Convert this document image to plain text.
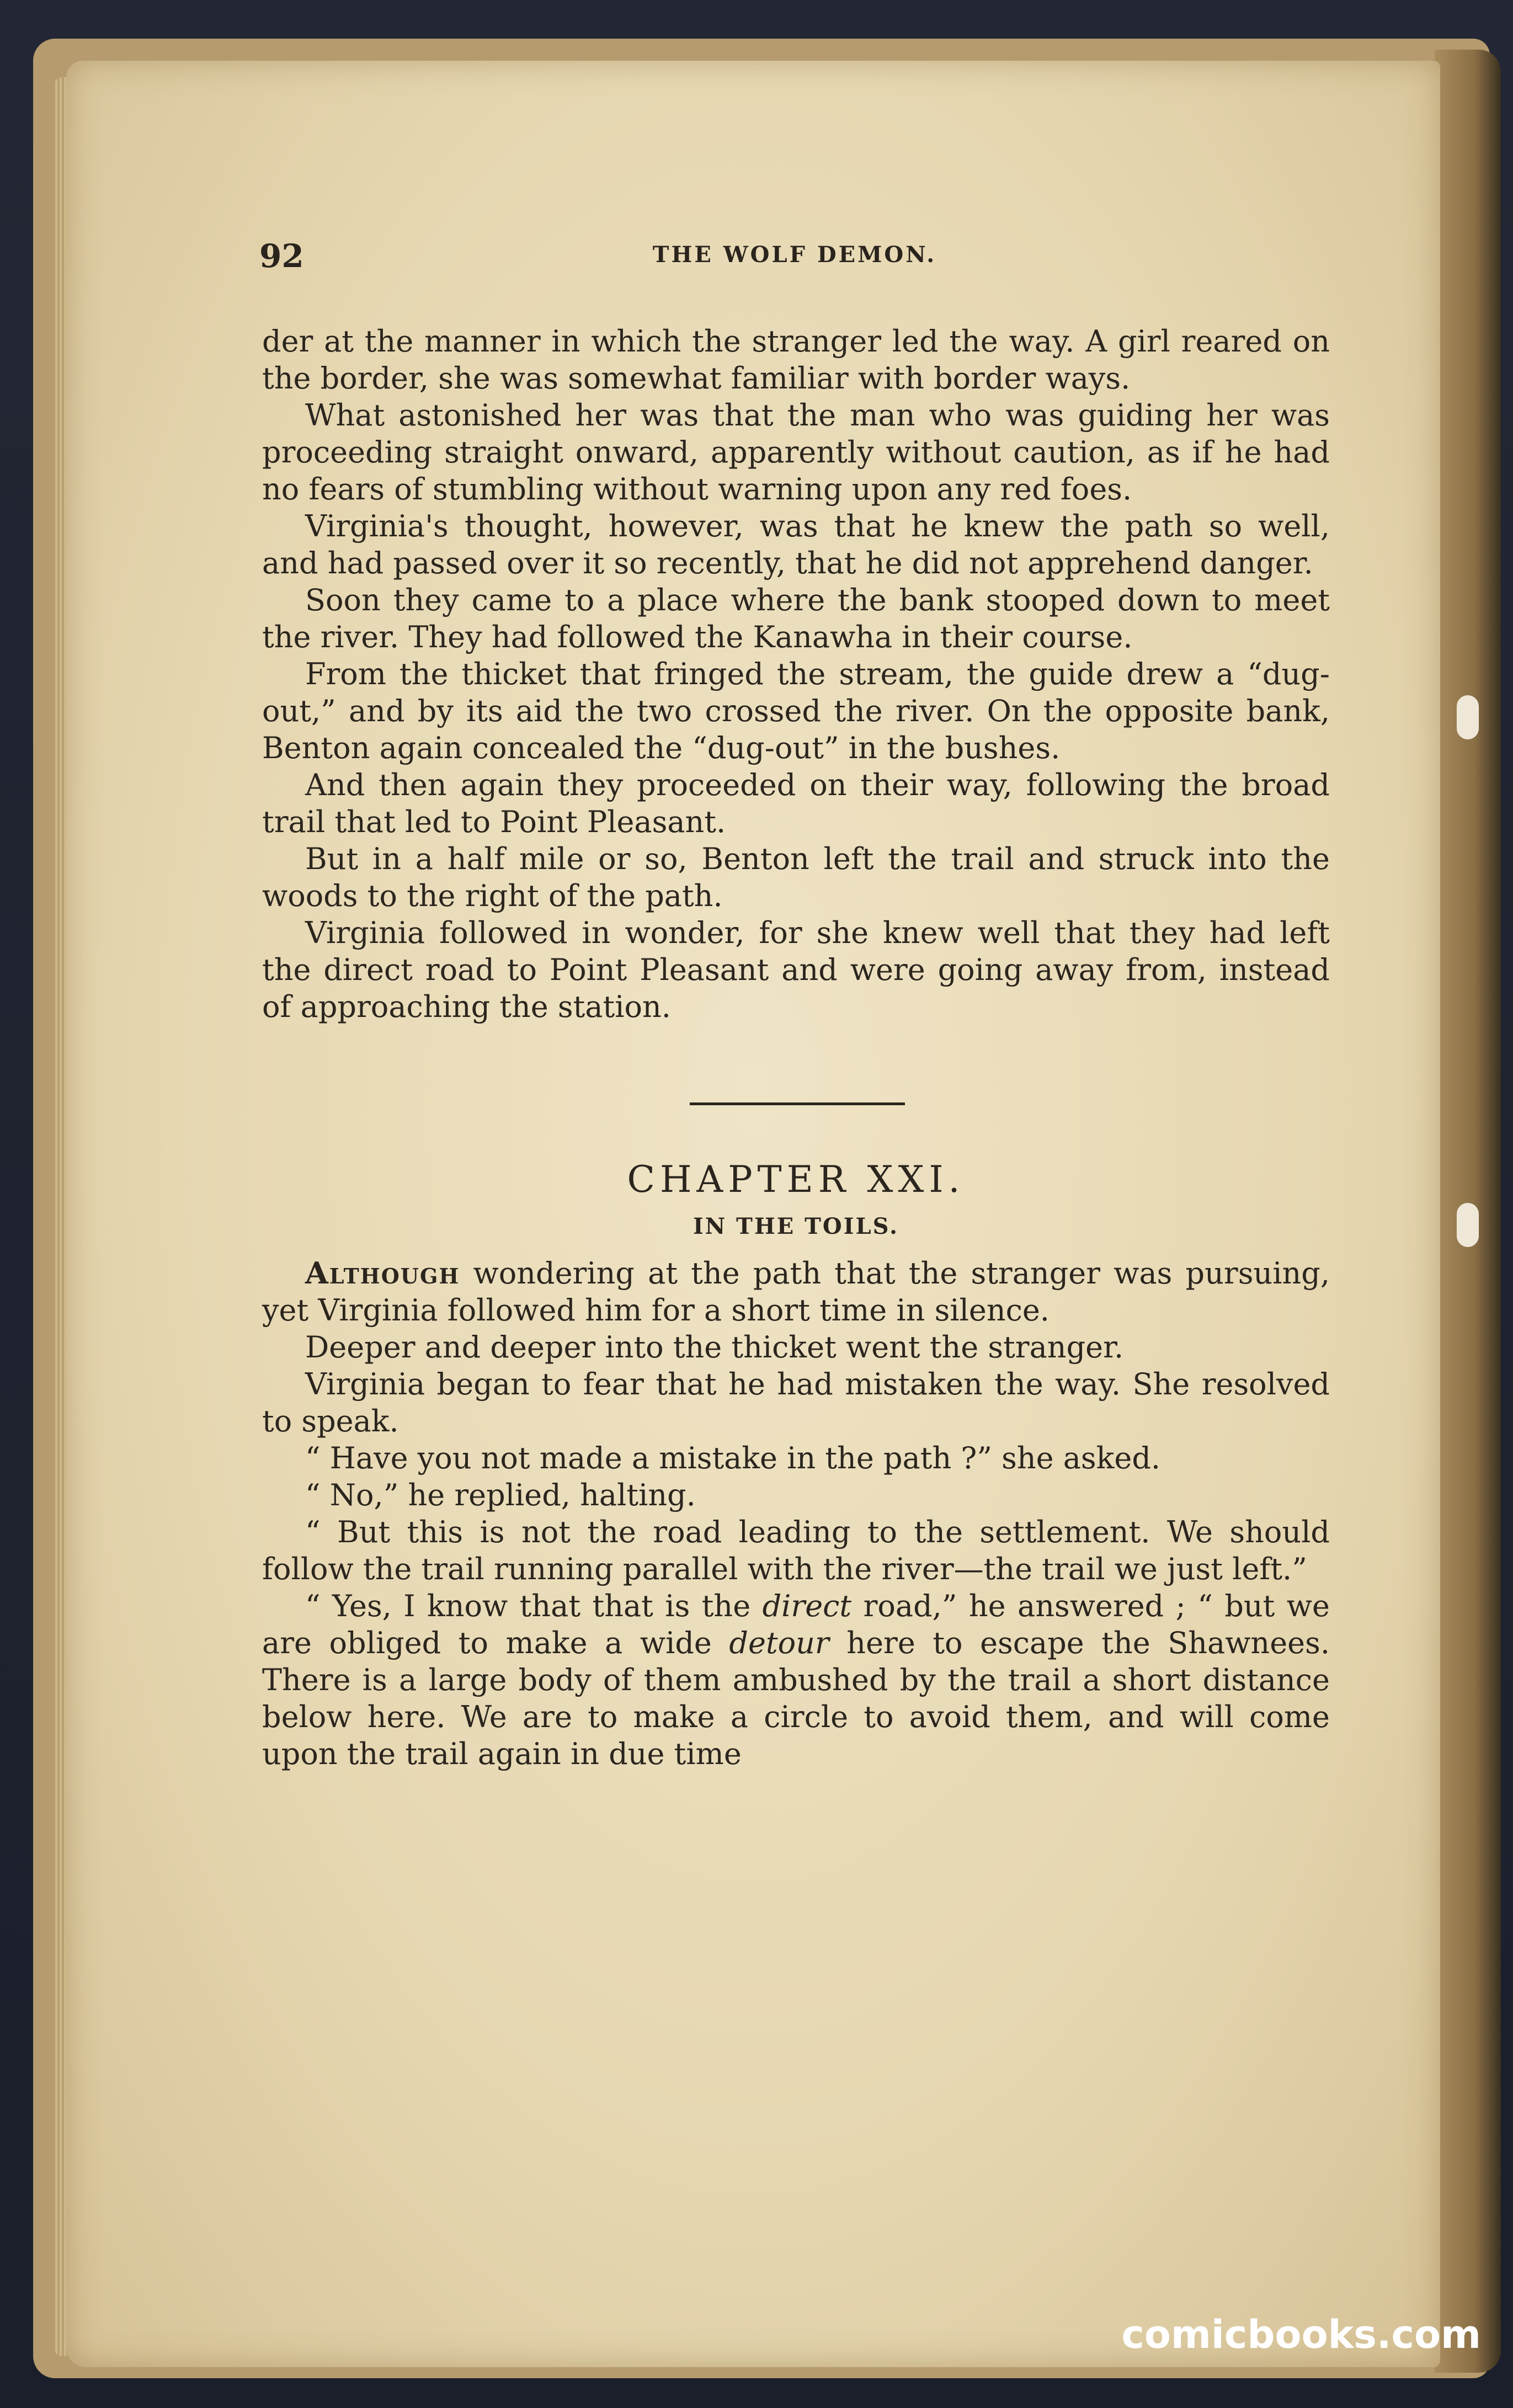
92	THE WOLF DEMON.

der at the manner in which the stranger led the way. A girl reared on the border, she was somewhat familiar with border ways.

What astonished her was that the man who was guiding her was proceeding straight onward, apparently without caution, as if he had no fears of stumbling without warning upon any red foes.

Virginia's thought, however, was that he knew the path so well, and had passed over it so recently, that he did not apprehend danger.

Soon they came to a place where the bank stooped down to meet the river. They had followed the Kanawha in their course.

From the thicket that fringed the stream, the guide drew a “dug-out,” and by its aid the two crossed the river. On the opposite bank, Benton again concealed the “dug-out” in the bushes.

And then again they proceeded on their way, following the broad trail that led to Point Pleasant.

But in a half mile or so, Benton left the trail and struck into the woods to the right of the path.

Virginia followed in wonder, for she knew well that they had left the direct road to Point Pleasant and were going away from, instead of approaching the station.

CHAPTER XXI.
IN THE TOILS.

Although wondering at the path that the stranger was pursuing, yet Virginia followed him for a short time in silence.

Deeper and deeper into the thicket went the stranger.

Virginia began to fear that he had mistaken the way. She resolved to speak.

“ Have you not made a mistake in the path ?” she asked.

“ No,” he replied, halting.

“ But this is not the road leading to the settlement. We should follow the trail running parallel with the river—the trail we just left.”

“ Yes, I know that that is the direct road,” he answered ; “ but we are obliged to make a wide detour here to escape the Shawnees. There is a large body of them ambushed by the trail a short distance below here. We are to make a circle to avoid them, and will come upon the trail again in due time

comicbooks.com
